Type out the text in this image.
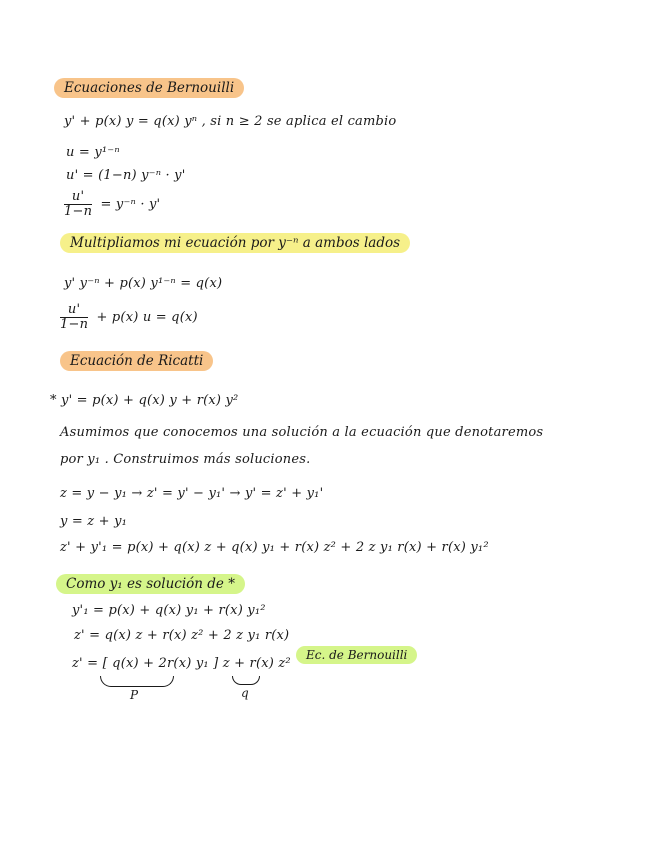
Ecuaciones de Bernouilli
y' + p(x) y = q(x) yⁿ , si n ≥ 2 se aplica el cambio
u = y¹⁻ⁿ
u' = (1−n) y⁻ⁿ · y'
$\frac{u'}{1-n} = y^{-n} \cdot y'$
Multipliamos mi ecuación por y⁻ⁿ a ambos lados
y' y⁻ⁿ + p(x) y¹⁻ⁿ = q(x)
$\frac{u'}{1-n} + p(x) u = q(x)$
Ecuación de Ricatti
* y' = p(x) + q(x) y + r(x) y²
Asumimos que conocemos una solución a la ecuación que denotaremos
por y₁ . Construimos más soluciones.
z = y − y₁ → z' = y' − y₁' → y' = z' + y₁'
y = z + y₁
z' + y'₁ = p(x) + q(x) z + q(x) y₁ + r(x) z² + 2 z y₁ r(x) + r(x) y₁²
Como y₁ es solución de *
y'₁ = p(x) + q(x) y₁ + r(x) y₁²
z' = q(x) z + r(x) z² + 2 z y₁ r(x)
z' = [ q(x) + 2r(x) y₁ ] z + r(x) z²
P	q
Ec. de Bernouilli
